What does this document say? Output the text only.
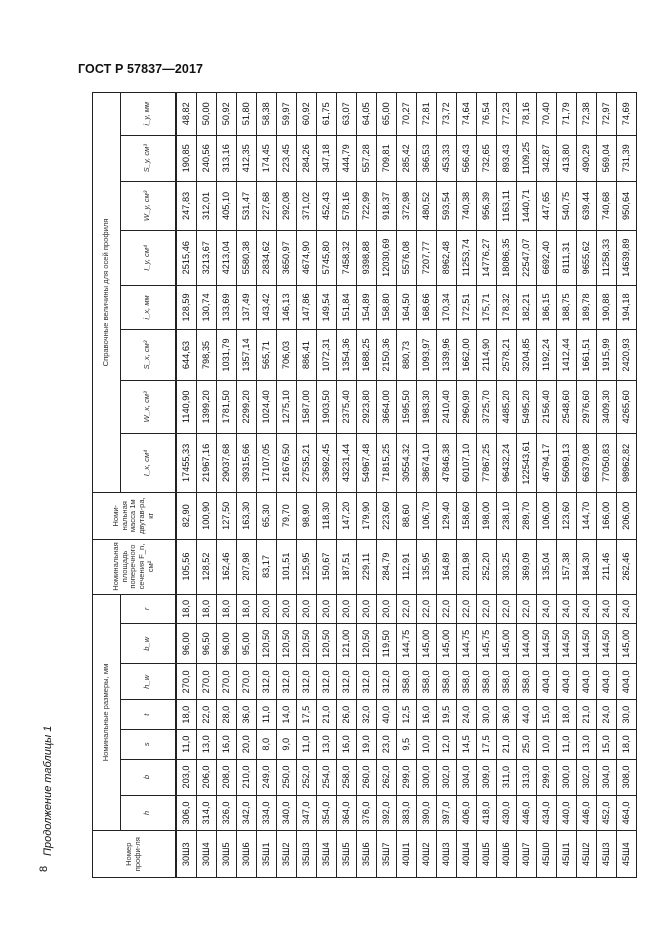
ГОСТ Р 57837—2017
8
Продолжение таблицы 1	Номер профи-ля	Номинальные размеры, мм							Номинальная площадь поперечного сечения F_n, см²	Номи-нальная масса 1м двутав-ра, кг	Справочные величины для осей профиля							
	h	b	s	t	h_w	b_w	r			I_x, см⁴	W_x, см³	S_x, см³	i_x, мм	I_y, см⁴	W_y, см³	S_y, см³	i_y, мм
30Ш3	306,0	203,0	11,0	18,0	270,0	96,00	18,0	105,56	82,90	17455,33	1140,90	644,63	128,59	2515,46	247,83	190,85	48,82
30Ш4	314,0	206,0	13,0	22,0	270,0	96,50	18,0	128,52	100,90	21967,16	1399,20	798,35	130,74	3213,67	312,01	240,56	50,00
30Ш5	326,0	208,0	16,0	28,0	270,0	96,00	18,0	162,46	127,50	29037,68	1781,50	1031,79	133,69	4213,04	405,10	313,16	50,92
30Ш6	342,0	210,0	20,0	36,0	270,0	95,00	18,0	207,98	163,30	39315,66	2299,20	1357,14	137,49	5580,38	531,47	412,35	51,80
35Ш1	334,0	249,0	8,0	11,0	312,0	120,50	20,0	83,17	65,30	17107,05	1024,40	565,71	143,42	2834,62	227,68	174,45	58,38
35Ш2	340,0	250,0	9,0	14,0	312,0	120,50	20,0	101,51	79,70	21676,50	1275,10	706,03	146,13	3650,97	292,08	223,45	59,97
35Ш3	347,0	252,0	11,0	17,5	312,0	120,50	20,0	125,95	98,90	27535,21	1587,00	886,41	147,86	4674,90	371,02	284,26	60,92
35Ш4	354,0	254,0	13,0	21,0	312,0	120,50	20,0	150,67	118,30	33692,45	1903,50	1072,31	149,54	5745,80	452,43	347,18	61,75
35Ш5	364,0	258,0	16,0	26,0	312,0	121,00	20,0	187,51	147,20	43231,44	2375,40	1354,36	151,84	7458,32	578,16	444,79	63,07
35Ш6	376,0	260,0	19,0	32,0	312,0	120,50	20,0	229,11	179,90	54967,48	2923,80	1688,25	154,89	9398,88	722,99	557,28	64,05
35Ш7	392,0	262,0	23,0	40,0	312,0	119,50	20,0	284,79	223,60	71815,25	3664,00	2150,36	158,80	12030,69	918,37	709,81	65,00
40Ш1	383,0	299,0	9,5	12,5	358,0	144,75	22,0	112,91	88,60	30554,32	1595,50	880,73	164,50	5576,08	372,98	285,42	70,27
40Ш2	390,0	300,0	10,0	16,0	358,0	145,00	22,0	135,95	106,70	38674,10	1983,30	1093,97	168,66	7207,77	480,52	366,53	72,81
40Ш3	397,0	302,0	12,0	19,5	358,0	145,00	22,0	164,89	129,40	47846,38	2410,40	1339,96	170,34	8962,48	593,54	453,33	73,72
40Ш4	406,0	304,0	14,5	24,0	358,0	144,75	22,0	201,98	158,60	60107,10	2960,90	1662,00	172,51	11253,74	740,38	566,43	74,64
40Ш5	418,0	309,0	17,5	30,0	358,0	145,75	22,0	252,20	198,00	77867,25	3725,70	2114,90	175,71	14776,27	956,39	732,65	76,54
40Ш6	430,0	311,0	21,0	36,0	358,0	145,00	22,0	303,25	238,10	96432,24	4485,20	2578,21	178,32	18086,35	1163,11	893,43	77,23
40Ш7	446,0	313,0	25,0	44,0	358,0	144,00	22,0	369,09	289,70	122543,61	5495,20	3204,85	182,21	22547,07	1440,71	1109,25	78,16
45Ш0	434,0	299,0	10,0	15,0	404,0	144,50	24,0	135,04	106,00	46794,17	2156,40	1192,24	186,15	6692,40	447,65	342,87	70,40
45Ш1	440,0	300,0	11,0	18,0	404,0	144,50	24,0	157,38	123,60	56069,13	2548,60	1412,44	188,75	8111,31	540,75	413,80	71,79
45Ш2	446,0	302,0	13,0	21,0	404,0	144,50	24,0	184,30	144,70	66379,08	2976,60	1661,51	189,78	9655,62	639,44	490,29	72,38
45Ш3	452,0	304,0	15,0	24,0	404,0	144,50	24,0	211,46	166,00	77050,83	3409,30	1915,99	190,88	11258,33	740,68	569,04	72,97
45Ш4	464,0	308,0	18,0	30,0	404,0	145,00	24,0	262,46	206,00	98962,82	4265,60	2420,93	194,18	14639,89	950,64	731,39	74,69
